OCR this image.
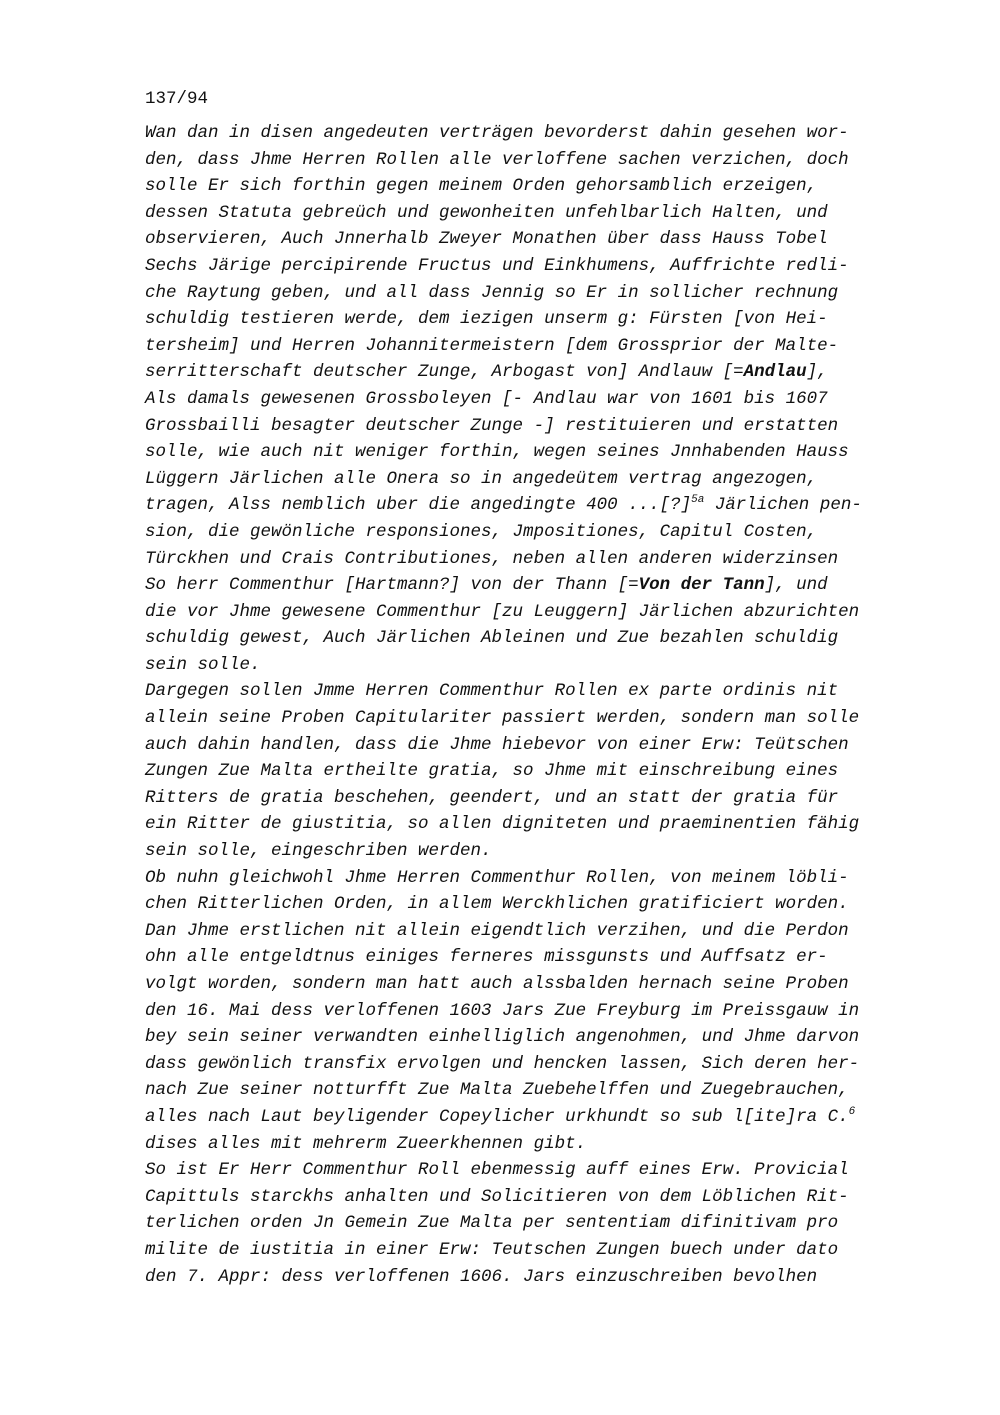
137/94
Wan dan in disen angedeuten verträgen bevorderst dahin gesehen wor-
den, dass Jhme Herren Rollen alle verloffene sachen verzichen, doch
solle Er sich forthin gegen meinem Orden gehorsamblich erzeigen,
dessen Statuta gebreüch und gewonheiten unfehlbarlich Halten, und
observieren, Auch Jnnerhalb Zweyer Monathen über dass Hauss Tobel
Sechs Järige percipirende Fructus und Einkhumens, Auffrichte redli-
che Raytung geben, und all dass Jennig so Er in sollicher rechnung
schuldig testieren werde, dem iezigen unserm g: Fürsten [von Hei-
tersheim] und Herren Johannitermeistern [dem Grossprior der Malte-
serritterschaft deutscher Zunge, Arbogast von] Andlauw [=Andlau],
Als damals gewesenen Grossboleyen [- Andlau war von 1601 bis 1607
Grossbailli besagter deutscher Zunge -] restituieren und erstatten
solle, wie auch nit weniger forthin, wegen seines Jnnhabenden Hauss
Lüggern Järlichen alle Onera so in angedeütem vertrag angezogen,
tragen, Alss nemblich uber die angedingte 400 ...[?]$^{5a}$ Järlichen pen-
sion, die gewönliche responsiones, Jmpositiones, Capitul Costen,
Türckhen und Crais Contributiones, neben allen anderen widerzinsen
So herr Commenthur [Hartmann?] von der Thann [=Von der Tann], und
die vor Jhme gewesene Commenthur [zu Leuggern] Järlichen abzurichten
schuldig gewest, Auch Järlichen Ableinen und Zue bezahlen schuldig
sein solle.
Dargegen sollen Jmme Herren Commenthur Rollen ex parte ordinis nit
allein seine Proben Capitulariter passiert werden, sondern man solle
auch dahin handlen, dass die Jhme hiebevor von einer Erw: Teütschen
Zungen Zue Malta ertheilte gratia, so Jhme mit einschreibung eines
Ritters de gratia beschehen, geendert, und an statt der gratia für
ein Ritter de giustitia, so allen digniteten und praeminentien fähig
sein solle, eingeschriben werden.
Ob nuhn gleichwohl Jhme Herren Commenthur Rollen, von meinem löbli-
chen Ritterlichen Orden, in allem Werckhlichen gratificiert worden.
Dan Jhme erstlichen nit allein eigendtlich verzihen, und die Perdon
ohn alle entgeldtnus einiges ferneres missgunsts und Auffsatz er-
volgt worden, sondern man hatt auch alssbalden hernach seine Proben
den 16. Mai dess verloffenen 1603 Jars Zue Freyburg im Preissgauw in
bey sein seiner verwandten einhelliglich angenohmen, und Jhme darvon
dass gewönlich transfix ervolgen und hencken lassen, Sich deren her-
nach Zue seiner notturfft Zue Malta Zuebehelffen und Zuegebrauchen,
alles nach Laut beyligender Copeylicher urkhundt so sub l[ite]ra C.$^6$
dises alles mit mehrerm Zueerkhennen gibt.
So ist Er Herr Commenthur Roll ebenmessig auff eines Erw. Provicial
Capittuls starckhs anhalten und Solicitieren von dem Löblichen Rit-
terlichen orden Jn Gemein Zue Malta per sententiam difinitivam pro
milite de iustitia in einer Erw: Teutschen Zungen buech under dato
den 7. Appr: dess verloffenen 1606. Jars einzuschreiben bevolhen
